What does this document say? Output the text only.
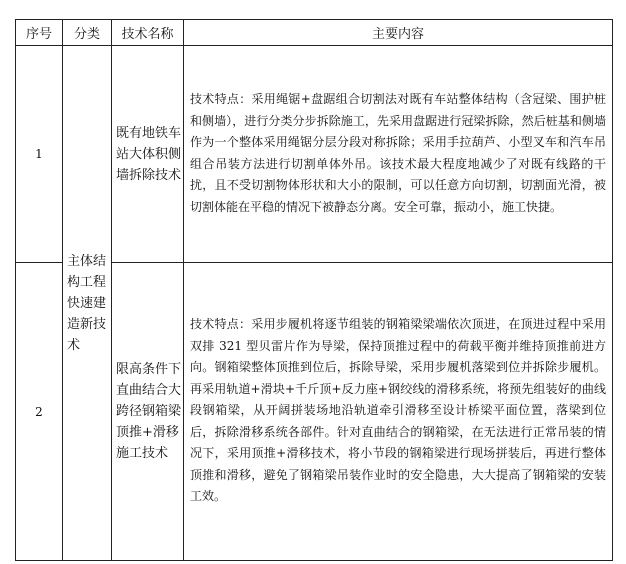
序号	分类	技术名称	主要内容
1	主体结构工程快速建造新技术	既有地铁车站大体积侧墙拆除技术	技术特点：采用绳锯+盘踞组合切割法对既有车站整体结构（含冠梁、围护桩和侧墙），进行分类分步拆除施工，先采用盘踞进行冠梁拆除，然后桩基和侧墙作为一个整体采用绳锯分层分段对称拆除；采用手拉葫芦、小型叉车和汽车吊组合吊装方法进行切割单体外吊。该技术最大程度地减少了对既有线路的干扰，且不受切割物体形状和大小的限制，可以任意方向切割，切割面光滑，被切割体能在平稳的情况下被静态分离。安全可靠，振动小，施工快捷。
2		限高条件下直曲结合大跨径钢箱梁顶推+滑移施工技术	技术特点：采用步履机将逐节组装的钢箱梁梁端依次顶进，在顶进过程中采用双排 321 型贝雷片作为导梁，保持顶推过程中的荷载平衡并维持顶推前进方向。钢箱梁整体顶推到位后，拆除导梁，采用步履机落梁到位并拆除步履机。再采用轨道+滑块+千斤顶+反力座+钢绞线的滑移系统，将预先组装好的曲线段钢箱梁，从开阔拼装场地沿轨道牵引滑移至设计桥梁平面位置，落梁到位后，拆除滑移系统各部件。针对直曲结合的钢箱梁，在无法进行正常吊装的情况下，采用顶推+滑移技术，将小节段的钢箱梁进行现场拼装后，再进行整体顶推和滑移，避免了钢箱梁吊装作业时的安全隐患，大大提高了钢箱梁的安装工效。
